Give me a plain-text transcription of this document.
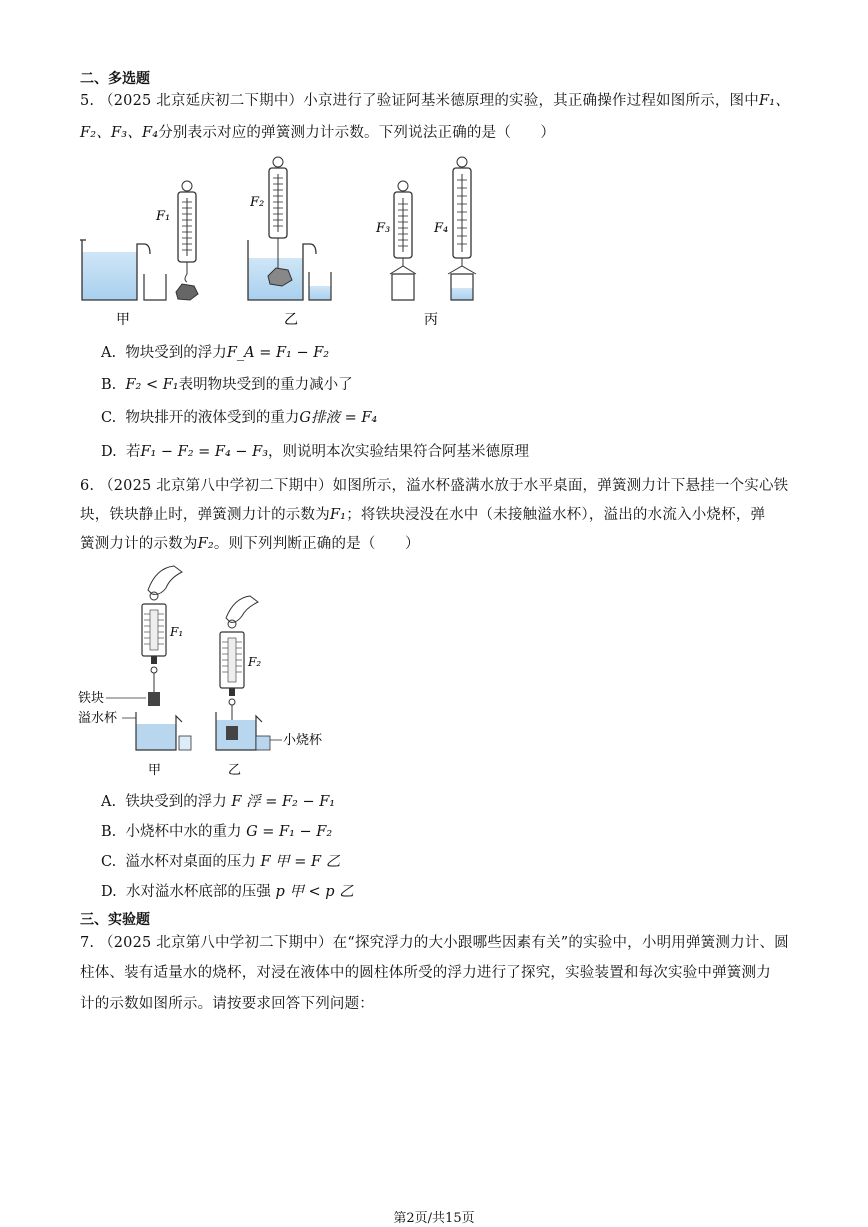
二、多选题
5. （2025 北京延庆初二下期中）小京进行了验证阿基米德原理的实验，其正确操作过程如图所示，图中F₁、
F₂、F₃、F₄分别表示对应的弹簧测力计示数。下列说法正确的是（　　）
F₁
F₂
F₃	F₄
甲	乙	丙
A. 物块受到的浮力F_A = F₁ − F₂
B. F₂ < F₁表明物块受到的重力减小了
C. 物块排开的液体受到的重力G排液 = F₄
D. 若F₁ − F₂ = F₄ − F₃，则说明本次实验结果符合阿基米德原理
6. （2025 北京第八中学初二下期中）如图所示，溢水杯盛满水放于水平桌面，弹簧测力计下悬挂一个实心铁
块，铁块静止时，弹簧测力计的示数为F₁；将铁块浸没在水中（未接触溢水杯），溢出的水流入小烧杯，弹
簧测力计的示数为F₂。则下列判断正确的是（　　）
F₁
铁块
溢水杯
F₂
小烧杯
甲	乙
A. 铁块受到的浮力 F 浮 = F₂ − F₁
B. 小烧杯中水的重力 G = F₁ − F₂
C. 溢水杯对桌面的压力 F 甲 = F 乙
D. 水对溢水杯底部的压强 p 甲 < p 乙
三、实验题
7. （2025 北京第八中学初二下期中）在“探究浮力的大小跟哪些因素有关”的实验中，小明用弹簧测力计、圆
柱体、装有适量水的烧杯，对浸在液体中的圆柱体所受的浮力进行了探究，实验装置和每次实验中弹簧测力
计的示数如图所示。请按要求回答下列问题：
第2页/共15页
